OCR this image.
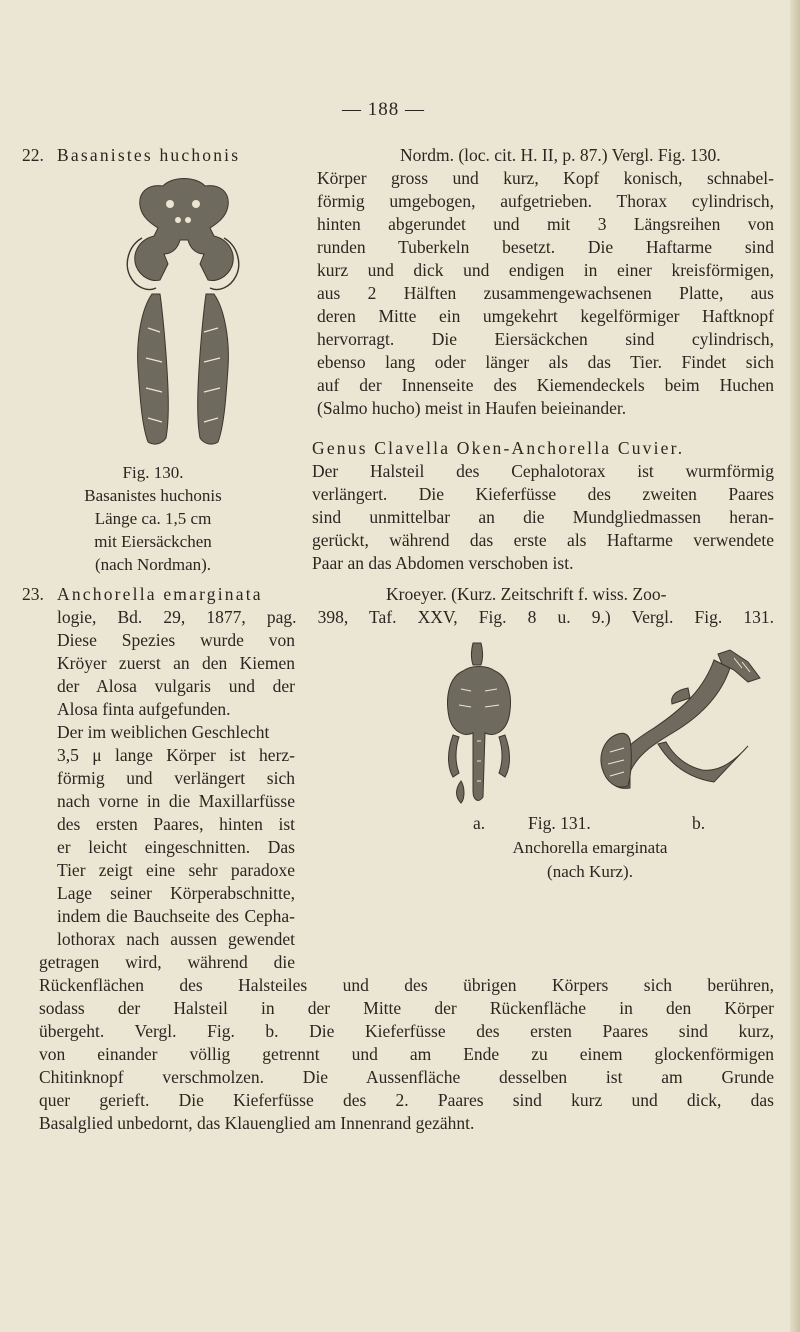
— 188 —
22. Basanistes huchonis	Nordm. (loc. cit. H. II, p. 87.) Vergl. Fig. 130.
Körper gross und kurz, Kopf konisch, schnabel-
förmig umgebogen, aufgetrieben. Thorax cylindrisch,
hinten abgerundet und mit 3 Längsreihen von
runden Tuberkeln besetzt. Die Haftarme sind
kurz und dick und endigen in einer kreisförmigen,
aus 2 Hälften zusammengewachsenen Platte, aus
deren Mitte ein umgekehrt kegelförmiger Haftknopf
hervorragt. Die Eiersäckchen sind cylindrisch,
ebenso lang oder länger als das Tier. Findet sich
auf der Innenseite des Kiemendeckels beim Huchen
(Salmo hucho) meist in Haufen beieinander.
Genus Clavella Oken-Anchorella Cuvier.
Der Halsteil des Cephalotorax ist wurmförmig
verlängert. Die Kieferfüsse des zweiten Paares
sind unmittelbar an die Mundgliedmassen heran-
gerückt, während das erste als Haftarme verwendete
Paar an das Abdomen verschoben ist.
Fig. 130.
Basanistes huchonis
Länge ca. 1,5 cm
mit Eiersäckchen
(nach Nordman).
23. Anchorella emarginata	Kroeyer. (Kurz. Zeitschrift f. wiss. Zoo-
logie, Bd. 29, 1877, pag. 398, Taf. XXV, Fig. 8 u. 9.) Vergl. Fig. 131.
Diese Spezies wurde von
Kröyer zuerst an den Kiemen
der Alosa vulgaris und der
Alosa finta aufgefunden.
Der im weiblichen Geschlecht
3,5 μ lange Körper ist herz-
förmig und verlängert sich
nach vorne in die Maxillarfüsse
des ersten Paares, hinten ist
er leicht eingeschnitten. Das
Tier zeigt eine sehr paradoxe
Lage seiner Körperabschnitte,
indem die Bauchseite des Cepha-
lothorax nach aussen gewendet
getragen wird, während die
Rückenflächen des Halsteiles und des übrigen Körpers sich berühren,
sodass der Halsteil in der Mitte der Rückenfläche in den Körper
übergeht. Vergl. Fig. b. Die Kieferfüsse des ersten Paares sind kurz,
von einander völlig getrennt und am Ende zu einem glockenförmigen
Chitinknopf verschmolzen. Die Aussenfläche desselben ist am Grunde
quer gerieft. Die Kieferfüsse des 2. Paares sind kurz und dick, das
Basalglied unbedornt, das Klauenglied am Innenrand gezähnt.
a. Fig. 131.	b.
Anchorella emarginata
(nach Kurz).
